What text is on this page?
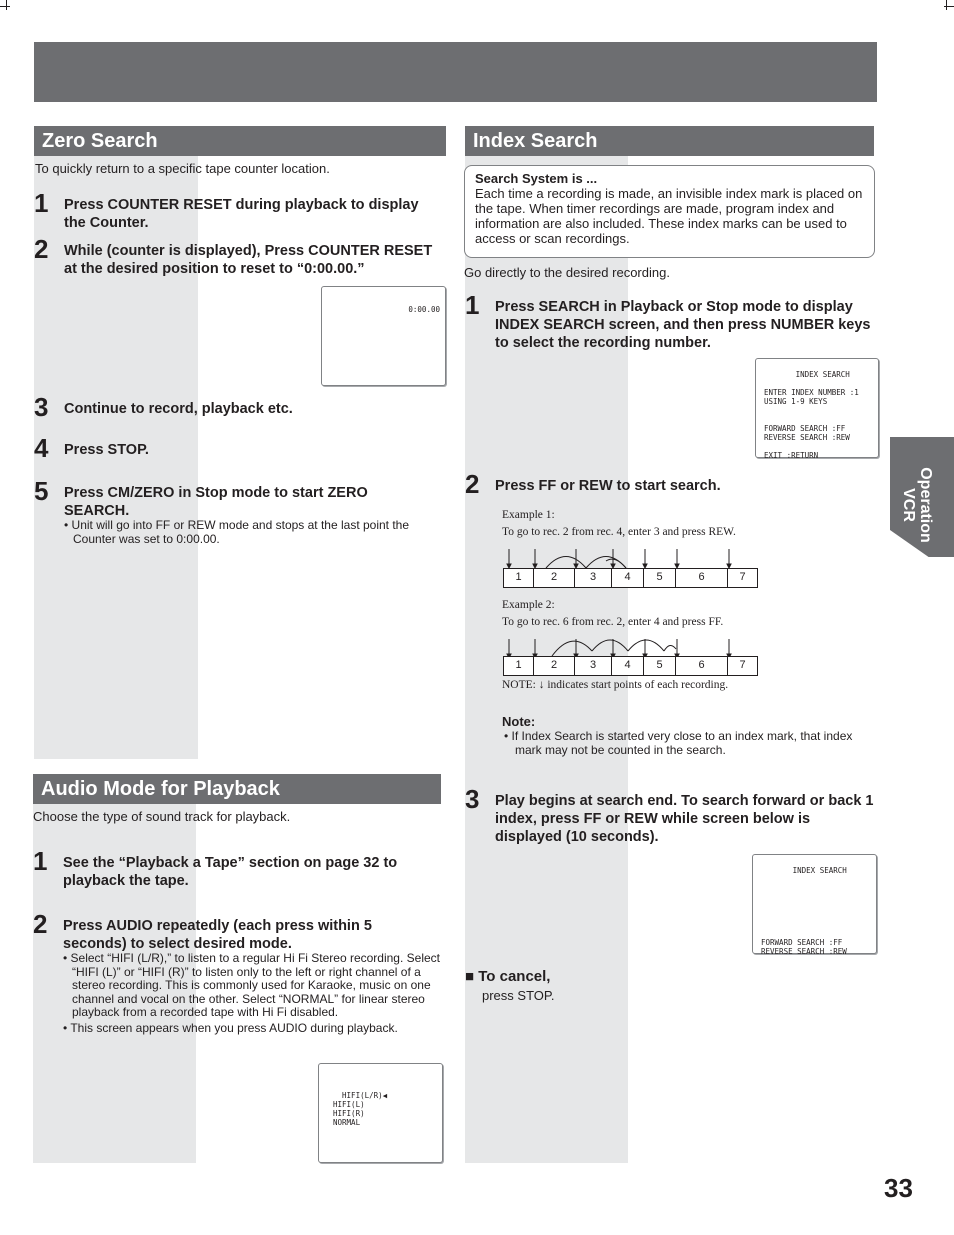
Zero Search
To quickly return to a specific tape counter location.
1 Press COUNTER RESET during playback to display the Counter.
2 While (counter is displayed), Press COUNTER RESET at the desired position to reset to “0:00.00.”

0:00.00

3 Continue to record, playback etc.
4 Press STOP.
5 Press CM/ZERO in Stop mode to start ZERO SEARCH.
• Unit will go into FF or REW mode and stops at the last point the Counter was set to 0:00.00.
Audio Mode for Playback
Choose the type of sound track for playback.
1 See the “Playback a Tape” section on page 32 to playback the tape.
2 Press AUDIO repeatedly (each press within 5 seconds) to select desired mode.
• Select “HIFI (L/R),” to listen to a regular Hi Fi Stereo recording. Select “HIFI (L)” or “HIFI (R)” to listen only to the left or right channel of a stereo recording. This is commonly used for Karaoke, music on one channel and vocal on the other. Select “NORMAL” for linear stereo playback from a recorded tape with Hi Fi disabled.
• This screen appears when you press AUDIO during playback.

HIFI(L/R)◀
HIFI(L)
HIFI(R)
NORMAL

Index Search
Search System is ...
Each time a recording is made, an invisible index mark is placed on the tape. When timer recordings are made, program index and information are also included. These index marks can be used to access or scan recordings.
Go directly to the desired recording.
1 Press SEARCH in Playback or Stop mode to display INDEX SEARCH screen, and then press NUMBER keys to select the recording number.

INDEX SEARCH

ENTER INDEX NUMBER :1
USING 1-9 KEYS

FORWARD SEARCH :FF
REVERSE SEARCH :REW

EXIT :RETURN

2 Press FF or REW to start search.
Example 1:
To go to rec. 2 from rec. 4, enter 3 and press REW.
1	2	3	4	5	6	7
Example 2:
To go to rec. 6 from rec. 2, enter 4 and press FF.
1	2	3	4	5	6	7
NOTE: ↓ indicates start points of each recording.
Note:
• If Index Search is started very close to an index mark, that index mark may not be counted in the search.
3 Play begins at search end. To search forward or back 1 index, press FF or REW while screen below is displayed (10 seconds).

INDEX SEARCH

FORWARD SEARCH :FF
REVERSE SEARCH :REW

■ To cancel,
press STOP.
Operation
VCR
33
